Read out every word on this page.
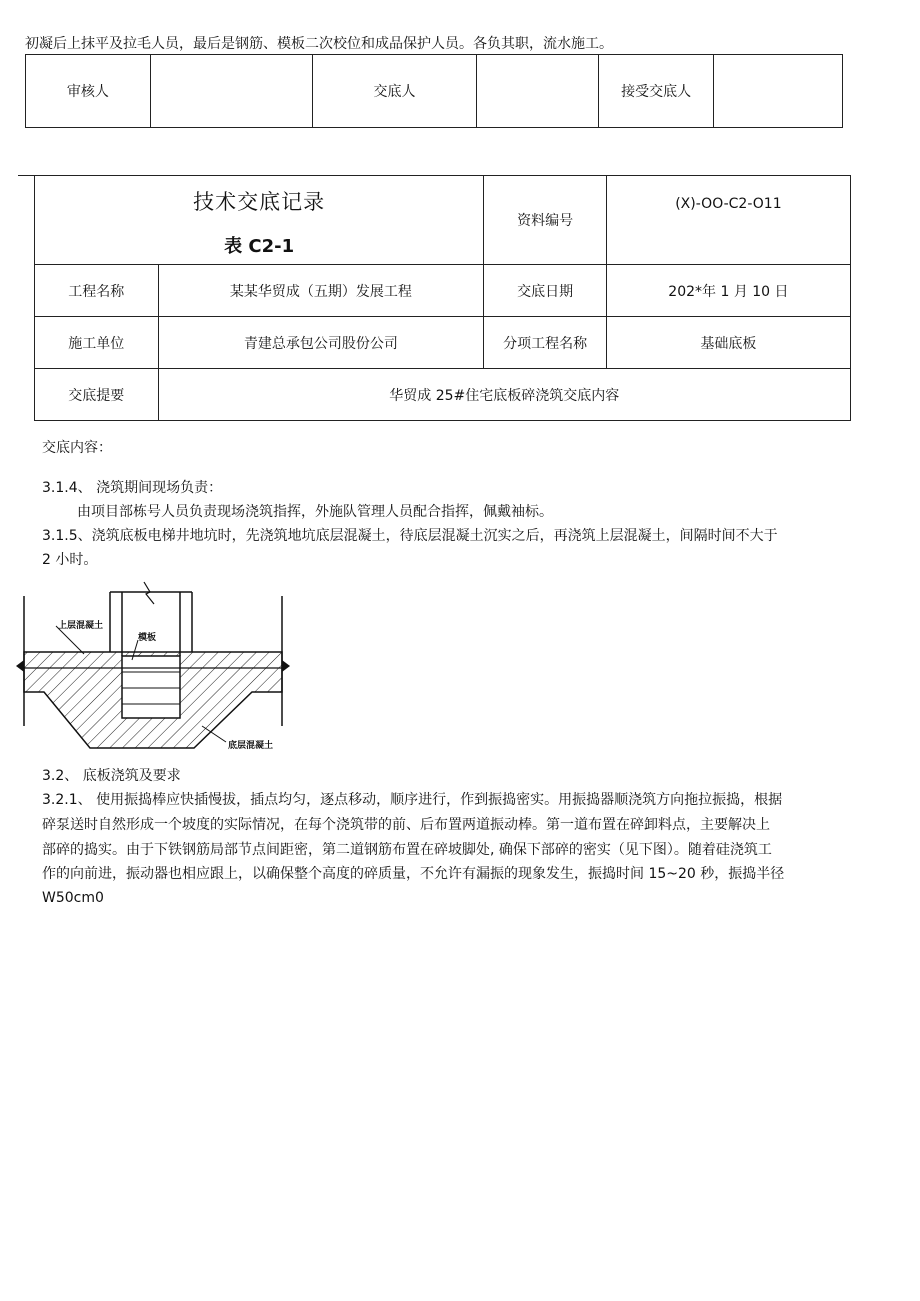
初凝后上抹平及拉毛人员，最后是钢筋、模板二次校位和成品保护人员。各负其职，流水施工。
审核人		交底人		接受交底人	
技术交底记录
表 C2-1		资料编号	(X)-OO-C2-O11
工程名称	某某华贸成（五期）发展工程	交底日期	202*年 1 月 10 日
施工单位	青建总承包公司股份公司	分项工程名称	基础底板
交底提要	华贸成 25#住宅底板碎浇筑交底内容		
交底内容：
3.1.4、 浇筑期间现场负责：
由项目部栋号人员负责现场浇筑指挥，外施队管理人员配合指挥，佩戴袖标。
3.1.5、浇筑底板电梯井地坑时，先浇筑地坑底层混凝土，待底层混凝土沉实之后，再浇筑上层混凝土，间隔时间不大于
2 小时。
上层混凝土
模板
底层混凝土
3.2、 底板浇筑及要求
3.2.1、 使用振捣棒应快插慢拔，插点均匀，逐点移动，顺序进行，作到振捣密实。用振捣器顺浇筑方向拖拉振捣，根据
碎泵送时自然形成一个坡度的实际情况，在每个浇筑带的前、后布置两道振动棒。第一道布置在碎卸料点，主要解决上
部碎的捣实。由于下铁钢筋局部节点间距密，第二道钢筋布置在碎坡脚处, 确保下部碎的密实（见下图）。随着硅浇筑工
作的向前进，振动器也相应跟上，以确保整个高度的碎质量，不允许有漏振的现象发生，振捣时间 15~20 秒，振捣半径
W50cm0
